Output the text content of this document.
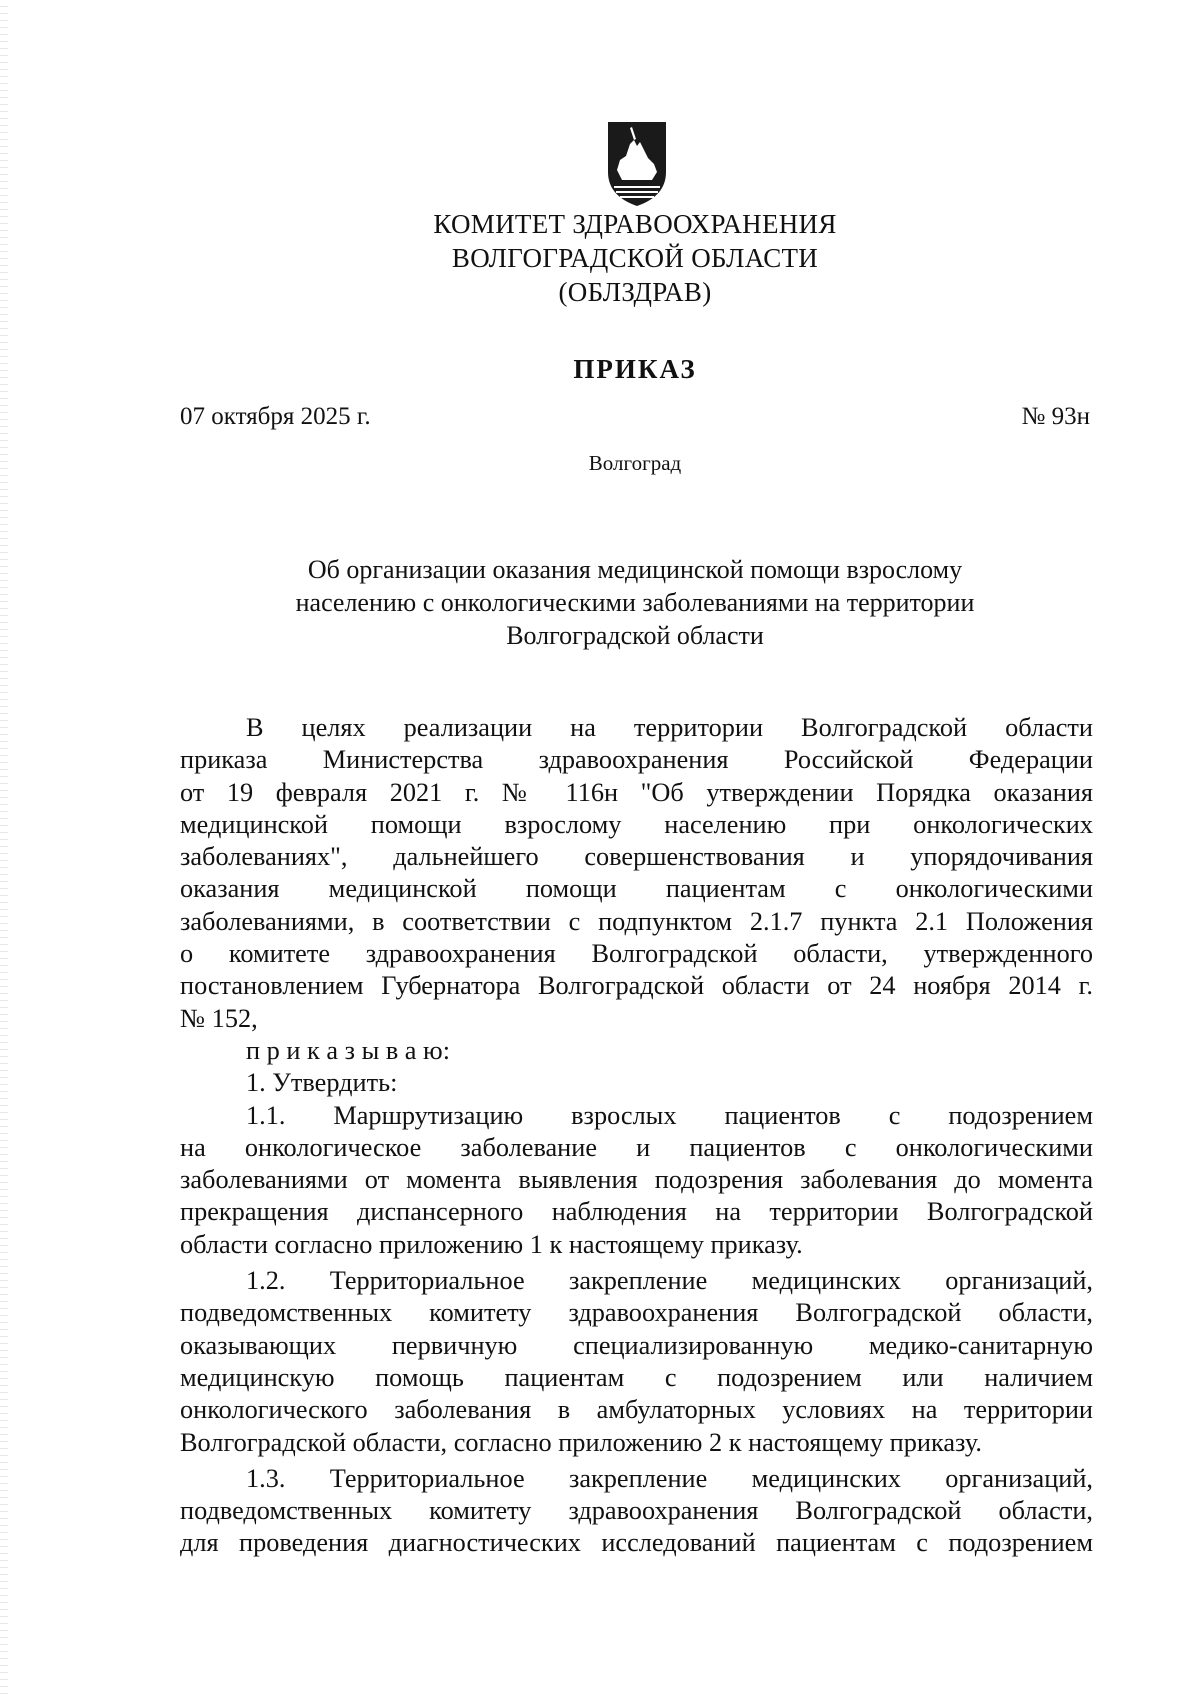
КОМИТЕТ ЗДРАВООХРАНЕНИЯ
ВОЛГОГРАДСКОЙ ОБЛАСТИ
(ОБЛЗДРАВ)
ПРИКАЗ
07 октября 2025 г.	№ 93н
Волгоград
Об организации оказания медицинской помощи взрослому
населению с онкологическими заболеваниями на территории
Волгоградской области
В целях реализации на территории Волгоградской области
приказа Министерства здравоохранения Российской Федерации
от 19 февраля 2021 г. № 116н "Об утверждении Порядка оказания
медицинской помощи взрослому населению при онкологических
заболеваниях", дальнейшего совершенствования и упорядочивания
оказания медицинской помощи пациентам с онкологическими
заболеваниями, в соответствии с подпунктом 2.1.7 пункта 2.1 Положения
о комитете здравоохранения Волгоградской области, утвержденного
постановлением Губернатора Волгоградской области от 24 ноября 2014 г.
№ 152,
п р и к а з ы в а ю:
1. Утвердить:
1.1. Маршрутизацию взрослых пациентов с подозрением
на онкологическое заболевание и пациентов с онкологическими
заболеваниями от момента выявления подозрения заболевания до момента
прекращения диспансерного наблюдения на территории Волгоградской
области согласно приложению 1 к настоящему приказу.
1.2. Территориальное закрепление медицинских организаций,
подведомственных комитету здравоохранения Волгоградской области,
оказывающих первичную специализированную медико-санитарную
медицинскую помощь пациентам с подозрением или наличием
онкологического заболевания в амбулаторных условиях на территории
Волгоградской области, согласно приложению 2 к настоящему приказу.
1.3. Территориальное закрепление медицинских организаций,
подведомственных комитету здравоохранения Волгоградской области,
для проведения диагностических исследований пациентам с подозрением
